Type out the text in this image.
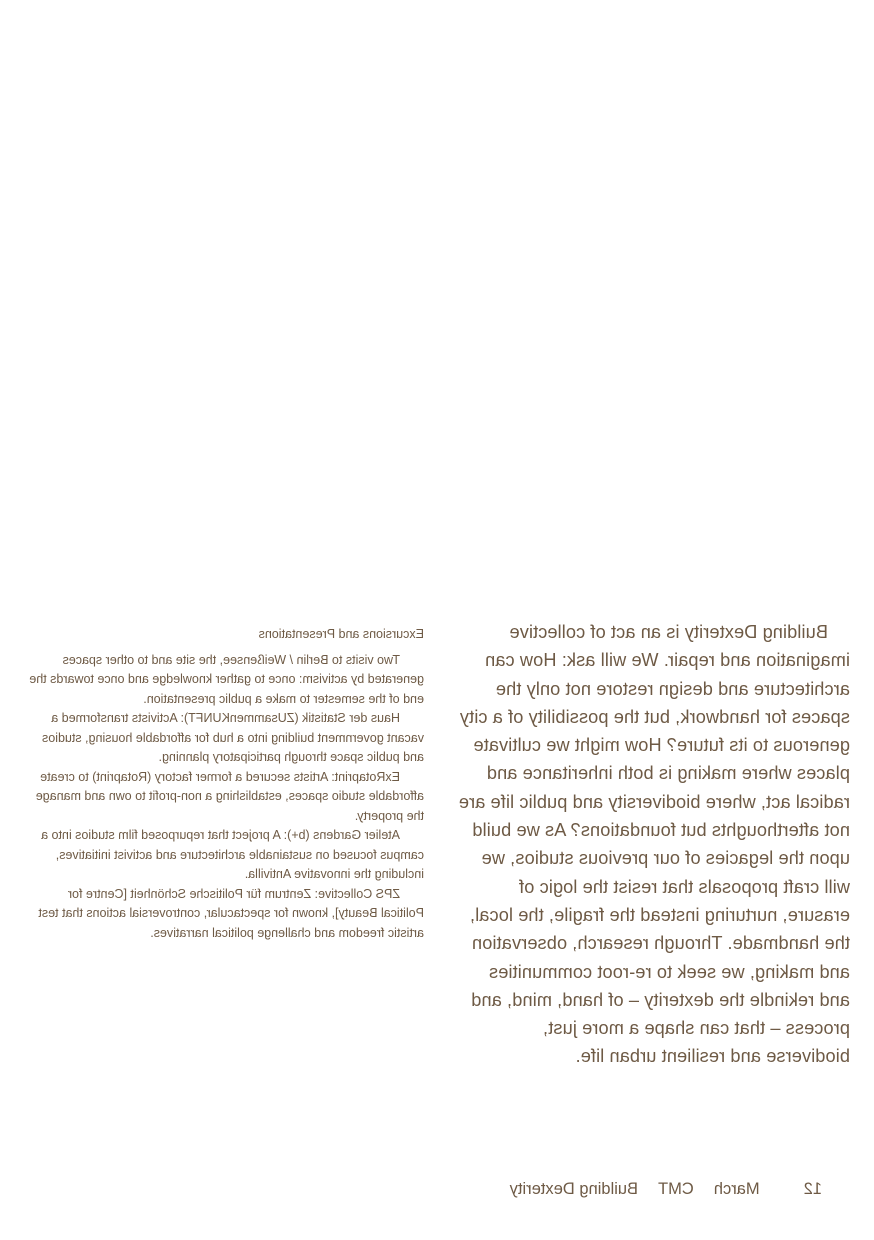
Building Dexterity is an act of collective imagination and repair. We will ask: How can architecture and design restore not only the spaces for handwork, but the possibility of a city generous to its future? How might we cultivate places where making is both inheritance and radical act, where biodiversity and public life are not afterthoughts but foundations? As we build upon the legacies of our previous studios, we will craft proposals that resist the logic of erasure, nurturing instead the fragile, the local, the handmade. Through research, observation and making, we seek to re-root communities and rekindle the dexterity – of hand, mind, and process – that can shape a more just, biodiverse and resilient urban life.

Excursions and Presentations

Two visits to Berlin / Weißensee, the site and to other spaces generated by activism: once to gather knowledge and once towards the end of the semester to make a public presentation.

Haus der Statistik (ZUsammenKUNFT): Activists transformed a vacant government building into a hub for affordable housing, studios and public space through participatory planning.

ExRotaprint: Artists secured a former factory (Rotaprint) to create affordable studio spaces, establishing a non-profit to own and manage the property.

Atelier Gardens (b+): A project that repurposed film studios into a campus focused on sustainable architecture and activist initiatives, including the innovative Antivilla.

ZPS Collective: Zentrum für Politische Schönheit [Centre for Political Beauty], known for spectacular, controversial actions that test artistic freedom and challenge political narratives.

12
March
CMT
Building Dexterity
